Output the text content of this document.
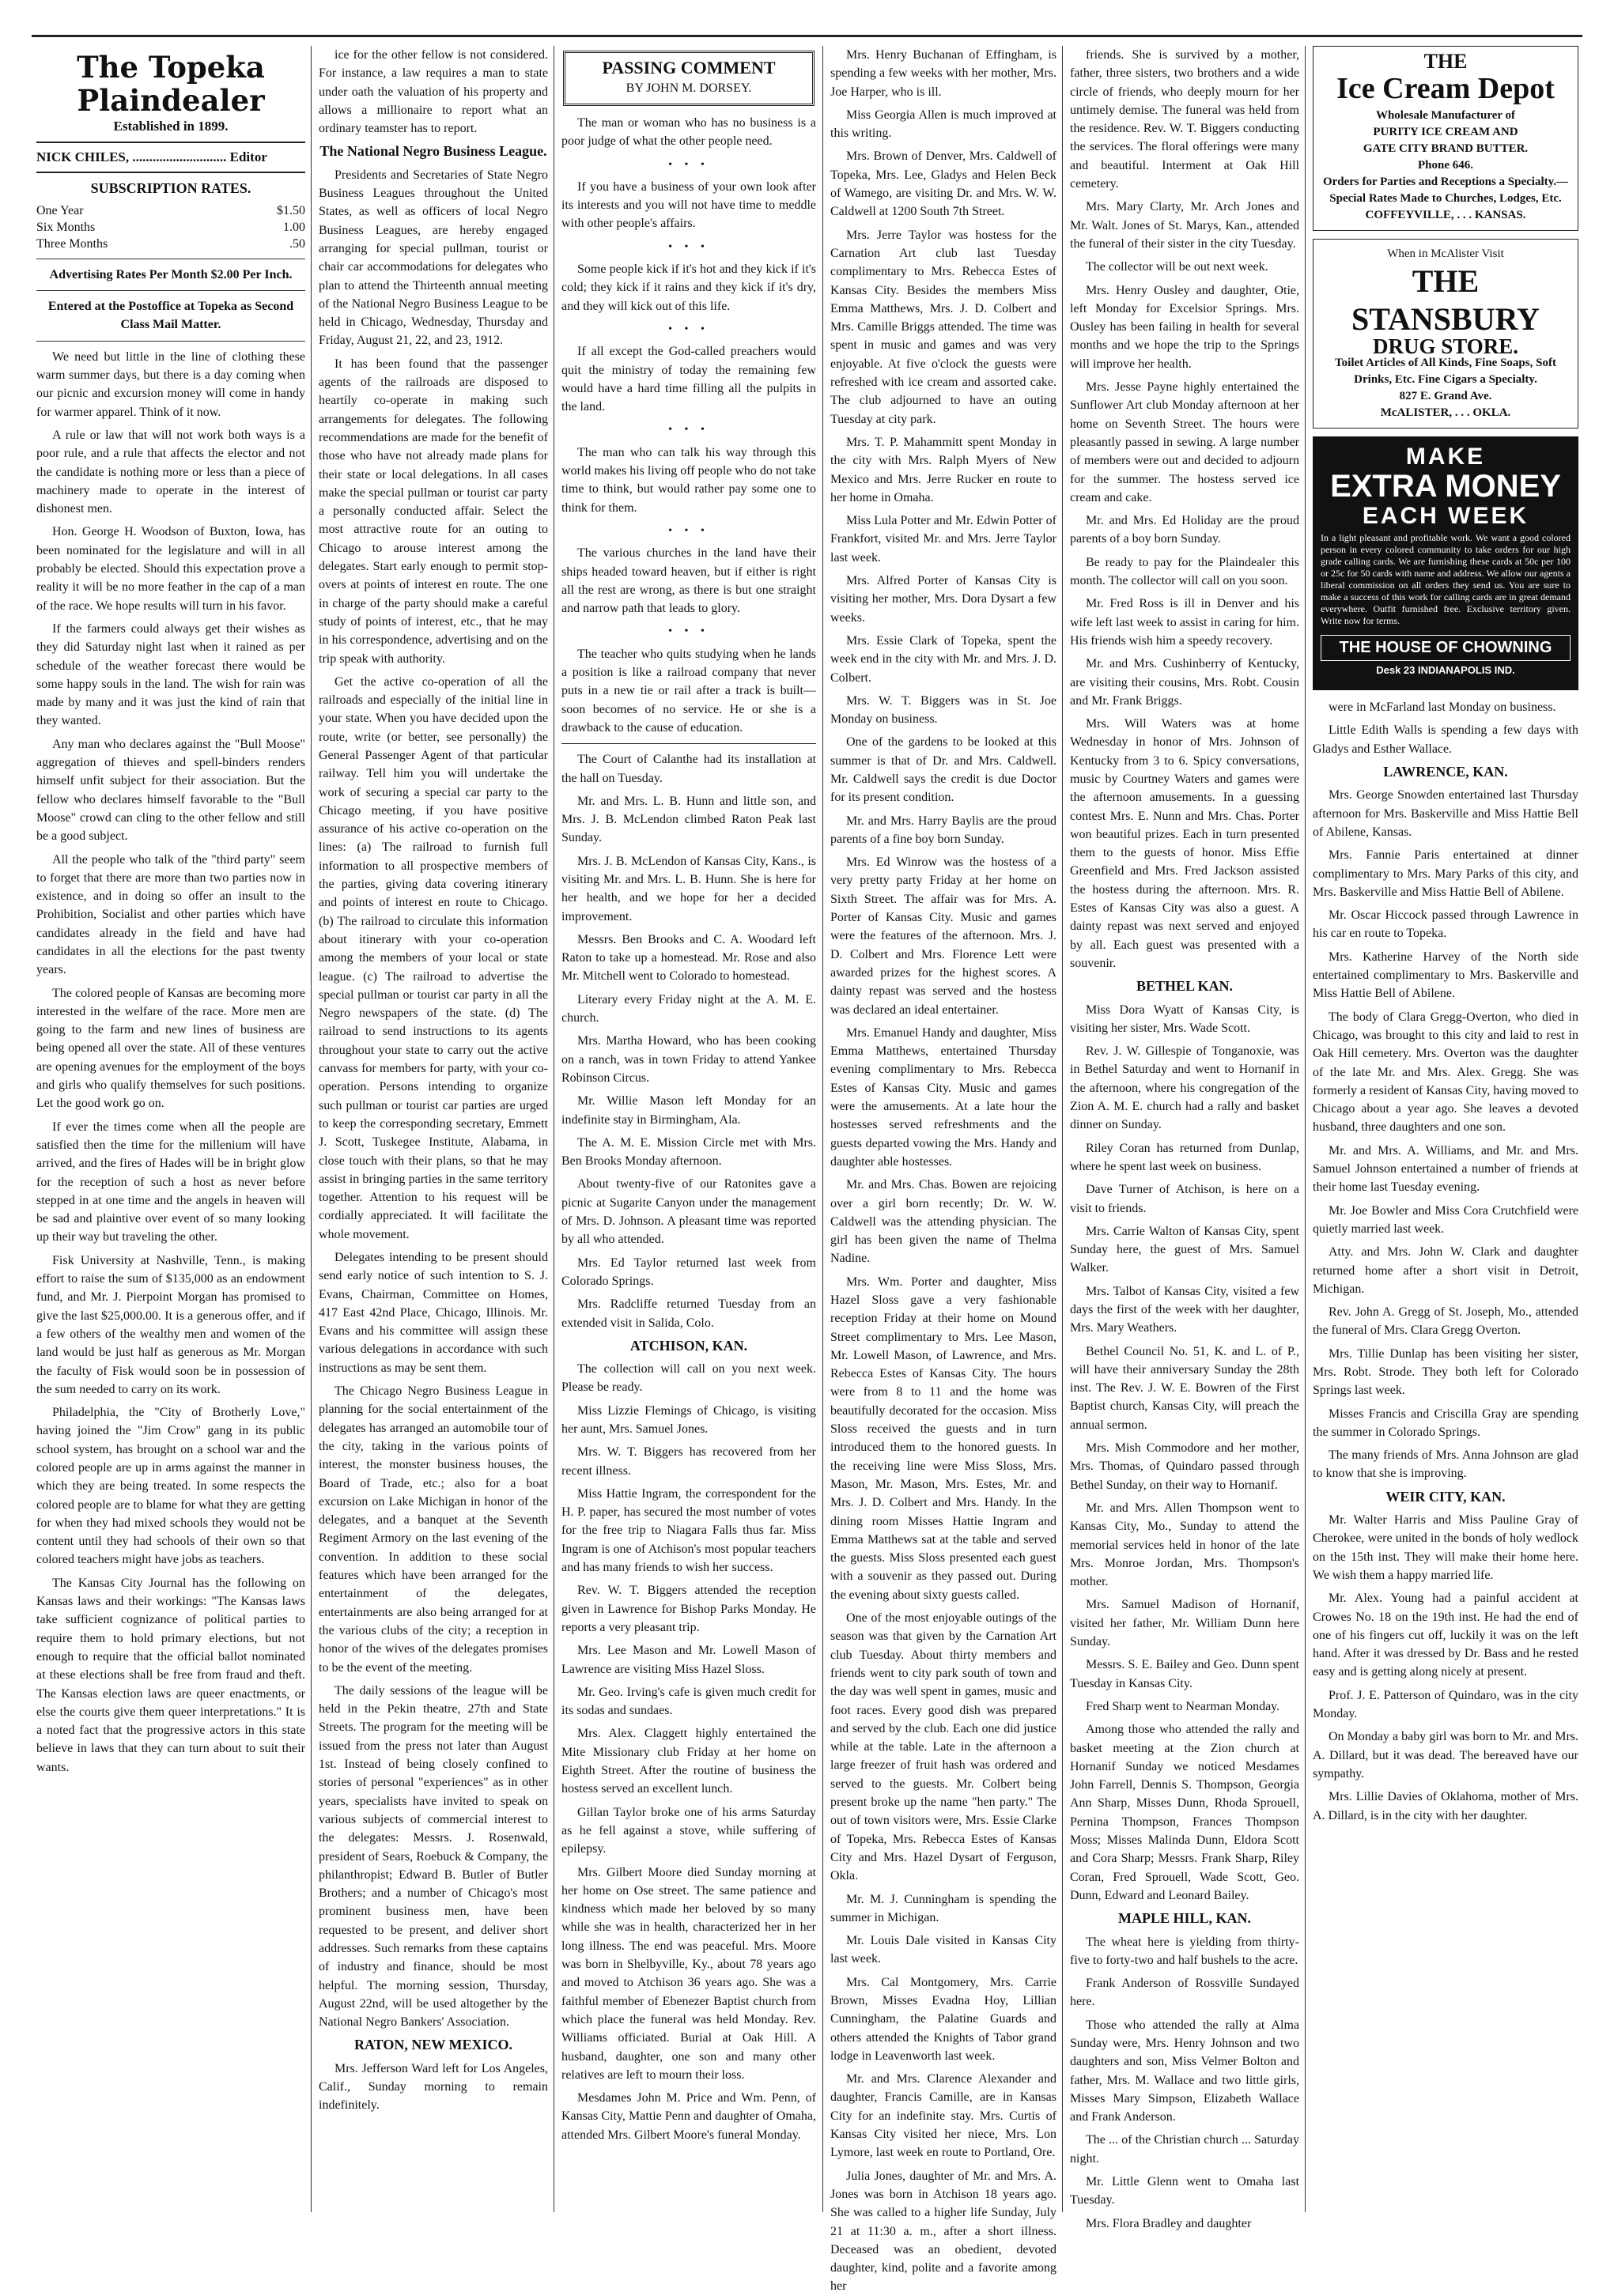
The Topeka Plaindealer
Established in 1899.
NICK CHILES, ............................ Editor
SUBSCRIPTION RATES.
One Year	$1.50
Six Months	1.00
Three Months	.50

Advertising Rates Per Month $2.00 Per Inch.

Entered at the Postoffice at Topeka as Second Class Mail Matter.

We need but little in the line of clothing these warm summer days, but there is a day coming when our picnic and excursion money will come in handy for warmer apparel. Think of it now.

A rule or law that will not work both ways is a poor rule, and a rule that affects the elector and not the candidate is nothing more or less than a piece of machinery made to operate in the interest of dishonest men.

Hon. George H. Woodson of Buxton, Iowa, has been nominated for the legislature and will in all probably be elected. Should this expectation prove a reality it will be no more feather in the cap of a man of the race. We hope results will turn in his favor.

If the farmers could always get their wishes as they did Saturday night last when it rained as per schedule of the weather forecast there would be some happy souls in the land. The wish for rain was made by many and it was just the kind of rain that they wanted.

Any man who declares against the "Bull Moose" aggregation of thieves and spell-binders renders himself unfit subject for their association. But the fellow who declares himself favorable to the "Bull Moose" crowd can cling to the other fellow and still be a good subject.

All the people who talk of the "third party" seem to forget that there are more than two parties now in existence, and in doing so offer an insult to the Prohibition, Socialist and other parties which have candidates already in the field and have had candidates in all the elections for the past twenty years.

The colored people of Kansas are becoming more interested in the welfare of the race. More men are going to the farm and new lines of business are being opened all over the state. All of these ventures are opening avenues for the employment of the boys and girls who qualify themselves for such positions. Let the good work go on.

If ever the times come when all the people are satisfied then the time for the millenium will have arrived, and the fires of Hades will be in bright glow for the reception of such a host as never before stepped in at one time and the angels in heaven will be sad and plaintive over event of so many looking up their way but traveling the other.

Fisk University at Nashville, Tenn., is making effort to raise the sum of $135,000 as an endowment fund, and Mr. J. Pierpoint Morgan has promised to give the last $25,000.00. It is a generous offer, and if a few others of the wealthy men and women of the land would be just half as generous as Mr. Morgan the faculty of Fisk would soon be in possession of the sum needed to carry on its work.

Philadelphia, the "City of Brotherly Love," having joined the "Jim Crow" gang in its public school system, has brought on a school war and the colored people are up in arms against the manner in which they are being treated. In some respects the colored people are to blame for what they are getting for when they had mixed schools they would not be content until they had schools of their own so that colored teachers might have jobs as teachers.

The Kansas City Journal has the following on Kansas laws and their workings: "The Kansas laws take sufficient cognizance of political parties to require them to hold primary elections, but not enough to require that the official ballot nominated at these elections shall be free from fraud and theft. The Kansas election laws are queer enactments, or else the courts give them queer interpretations." It is a noted fact that the progressive actors in this state believe in laws that they can turn about to suit their wants.

ice for the other fellow is not considered. For instance, a law requires a man to state under oath the valuation of his property and allows a millionaire to report what an ordinary teamster has to report.

The National Negro Business League.

Presidents and Secretaries of State Negro Business Leagues throughout the United States, as well as officers of local Negro Business Leagues, are hereby engaged arranging for special pullman, tourist or chair car accommodations for delegates who plan to attend the Thirteenth annual meeting of the National Negro Business League to be held in Chicago, Wednesday, Thursday and Friday, August 21, 22, and 23, 1912.

It has been found that the passenger agents of the railroads are disposed to heartily co-operate in making such arrangements for delegates. The following recommendations are made for the benefit of those who have not already made plans for their state or local delegations. In all cases make the special pullman or tourist car party a personally conducted affair. Select the most attractive route for an outing to Chicago to arouse interest among the delegates. Start early enough to permit stop-overs at points of interest en route. The one in charge of the party should make a careful study of points of interest, etc., that he may in his correspondence, advertising and on the trip speak with authority.

Get the active co-operation of all the railroads and especially of the initial line in your state. When you have decided upon the route, write (or better, see personally) the General Passenger Agent of that particular railway. Tell him you will undertake the work of securing a special car party to the Chicago meeting, if you have positive assurance of his active co-operation on the lines: (a) The railroad to furnish full information to all prospective members of the parties, giving data covering itinerary and points of interest en route to Chicago. (b) The railroad to circulate this information about itinerary with your co-operation among the members of your local or state league. (c) The railroad to advertise the special pullman or tourist car party in all the Negro newspapers of the state. (d) The railroad to send instructions to its agents throughout your state to carry out the active canvass for members for party, with your co-operation. Persons intending to organize such pullman or tourist car parties are urged to keep the corresponding secretary, Emmett J. Scott, Tuskegee Institute, Alabama, in close touch with their plans, so that he may assist in bringing parties in the same territory together. Attention to his request will be cordially appreciated. It will facilitate the whole movement.

Delegates intending to be present should send early notice of such intention to S. J. Evans, Chairman, Committee on Homes, 417 East 42nd Place, Chicago, Illinois. Mr. Evans and his committee will assign these various delegations in accordance with such instructions as may be sent them.

The Chicago Negro Business League in planning for the social entertainment of the delegates has arranged an automobile tour of the city, taking in the various points of interest, the monster business houses, the Board of Trade, etc.; also for a boat excursion on Lake Michigan in honor of the delegates, and a banquet at the Seventh Regiment Armory on the last evening of the convention. In addition to these social features which have been arranged for the entertainment of the delegates, entertainments are also being arranged for at the various clubs of the city; a reception in honor of the wives of the delegates promises to be the event of the meeting.

The daily sessions of the league will be held in the Pekin theatre, 27th and State Streets. The program for the meeting will be issued from the press not later than August 1st. Instead of being closely confined to stories of personal "experiences" as in other years, specialists have invited to speak on various subjects of commercial interest to the delegates: Messrs. J. Rosenwald, president of Sears, Roebuck & Company, the philanthropist; Edward B. Butler of Butler Brothers; and a number of Chicago's most prominent business men, have been requested to be present, and deliver short addresses. Such remarks from these captains of industry and finance, should be most helpful. The morning session, Thursday, August 22nd, will be used altogether by the National Negro Bankers' Association.

RATON, NEW MEXICO.

Mrs. Jefferson Ward left for Los Angeles, Calif., Sunday morning to remain indefinitely.

PASSING COMMENT
BY JOHN M. DORSEY.

The man or woman who has no business is a poor judge of what the other people need.

• • •

If you have a business of your own look after its interests and you will not have time to meddle with other people's affairs.

• • •

Some people kick if it's hot and they kick if it's cold; they kick if it rains and they kick if it's dry, and they will kick out of this life.

• • •

If all except the God-called preachers would quit the ministry of today the remaining few would have a hard time filling all the pulpits in the land.

• • •

The man who can talk his way through this world makes his living off people who do not take time to think, but would rather pay some one to think for them.

• • •

The various churches in the land have their ships headed toward heaven, but if either is right all the rest are wrong, as there is but one straight and narrow path that leads to glory.

• • •

The teacher who quits studying when he lands a position is like a railroad company that never puts in a new tie or rail after a track is built—soon becomes of no service. He or she is a drawback to the cause of education.

The Court of Calanthe had its installation at the hall on Tuesday.

Mr. and Mrs. L. B. Hunn and little son, and Mrs. J. B. McLendon climbed Raton Peak last Sunday.

Mrs. J. B. McLendon of Kansas City, Kans., is visiting Mr. and Mrs. L. B. Hunn. She is here for her health, and we hope for her a decided improvement.

Messrs. Ben Brooks and C. A. Woodard left Raton to take up a homestead. Mr. Rose and also Mr. Mitchell went to Colorado to homestead.

Literary every Friday night at the A. M. E. church.

Mrs. Martha Howard, who has been cooking on a ranch, was in town Friday to attend Yankee Robinson Circus.

Mr. Willie Mason left Monday for an indefinite stay in Birmingham, Ala.

The A. M. E. Mission Circle met with Mrs. Ben Brooks Monday afternoon.

About twenty-five of our Ratonites gave a picnic at Sugarite Canyon under the management of Mrs. D. Johnson. A pleasant time was reported by all who attended.

Mrs. Ed Taylor returned last week from Colorado Springs.

Mrs. Radcliffe returned Tuesday from an extended visit in Salida, Colo.

ATCHISON, KAN.

The collection will call on you next week. Please be ready.

Miss Lizzie Flemings of Chicago, is visiting her aunt, Mrs. Samuel Jones.

Mrs. W. T. Biggers has recovered from her recent illness.

Miss Hattie Ingram, the correspondent for the H. P. paper, has secured the most number of votes for the free trip to Niagara Falls thus far. Miss Ingram is one of Atchison's most popular teachers and has many friends to wish her success.

Rev. W. T. Biggers attended the reception given in Lawrence for Bishop Parks Monday. He reports a very pleasant trip.

Mrs. Lee Mason and Mr. Lowell Mason of Lawrence are visiting Miss Hazel Sloss.

Mr. Geo. Irving's cafe is given much credit for its sodas and sundaes.

Mrs. Alex. Claggett highly entertained the Mite Missionary club Friday at her home on Eighth Street. After the routine of business the hostess served an excellent lunch.

Gillan Taylor broke one of his arms Saturday as he fell against a stove, while suffering of epilepsy.

Mrs. Gilbert Moore died Sunday morning at her home on Ose street. The same patience and kindness which made her beloved by so many while she was in health, characterized her in her long illness. The end was peaceful. Mrs. Moore was born in Shelbyville, Ky., about 78 years ago and moved to Atchison 36 years ago. She was a faithful member of Ebenezer Baptist church from which place the funeral was held Monday. Rev. Williams officiated. Burial at Oak Hill. A husband, daughter, one son and many other relatives are left to mourn their loss.

Mesdames John M. Price and Wm. Penn, of Kansas City, Mattie Penn and daughter of Omaha, attended Mrs. Gilbert Moore's funeral Monday.

Mrs. Henry Buchanan of Effingham, is spending a few weeks with her mother, Mrs. Joe Harper, who is ill.

Miss Georgia Allen is much improved at this writing.

Mrs. Brown of Denver, Mrs. Caldwell of Topeka, Mrs. Lee, Gladys and Helen Beck of Wamego, are visiting Dr. and Mrs. W. W. Caldwell at 1200 South 7th Street.

Mrs. Jerre Taylor was hostess for the Carnation Art club last Tuesday complimentary to Mrs. Rebecca Estes of Kansas City. Besides the members Miss Emma Matthews, Mrs. J. D. Colbert and Mrs. Camille Briggs attended. The time was spent in music and games and was very enjoyable. At five o'clock the guests were refreshed with ice cream and assorted cake. The club adjourned to have an outing Tuesday at city park.

Mrs. T. P. Mahammitt spent Monday in the city with Mrs. Ralph Myers of New Mexico and Mrs. Jerre Rucker en route to her home in Omaha.

Miss Lula Potter and Mr. Edwin Potter of Frankfort, visited Mr. and Mrs. Jerre Taylor last week.

Mrs. Alfred Porter of Kansas City is visiting her mother, Mrs. Dora Dysart a few weeks.

Mrs. Essie Clark of Topeka, spent the week end in the city with Mr. and Mrs. J. D. Colbert.

Mrs. W. T. Biggers was in St. Joe Monday on business.

One of the gardens to be looked at this summer is that of Dr. and Mrs. Caldwell. Mr. Caldwell says the credit is due Doctor for its present condition.

Mr. and Mrs. Harry Baylis are the proud parents of a fine boy born Sunday.

Mrs. Ed Winrow was the hostess of a very pretty party Friday at her home on Sixth Street. The affair was for Mrs. A. Porter of Kansas City. Music and games were the features of the afternoon. Mrs. J. D. Colbert and Mrs. Florence Lett were awarded prizes for the highest scores. A dainty repast was served and the hostess was declared an ideal entertainer.

Mrs. Emanuel Handy and daughter, Miss Emma Matthews, entertained Thursday evening complimentary to Mrs. Rebecca Estes of Kansas City. Music and games were the amusements. At a late hour the hostesses served refreshments and the guests departed vowing the Mrs. Handy and daughter able hostesses.

Mr. and Mrs. Chas. Bowen are rejoicing over a girl born recently; Dr. W. W. Caldwell was the attending physician. The girl has been given the name of Thelma Nadine.

Mrs. Wm. Porter and daughter, Miss Hazel Sloss gave a very fashionable reception Friday at their home on Mound Street complimentary to Mrs. Lee Mason, Mr. Lowell Mason, of Lawrence, and Mrs. Rebecca Estes of Kansas City. The hours were from 8 to 11 and the home was beautifully decorated for the occasion. Miss Sloss received the guests and in turn introduced them to the honored guests. In the receiving line were Miss Sloss, Mrs. Mason, Mr. Mason, Mrs. Estes, Mr. and Mrs. J. D. Colbert and Mrs. Handy. In the dining room Misses Hattie Ingram and Emma Matthews sat at the table and served the guests. Miss Sloss presented each guest with a souvenir as they passed out. During the evening about sixty guests called.

One of the most enjoyable outings of the season was that given by the Carnation Art club Tuesday. About thirty members and friends went to city park south of town and the day was well spent in games, music and foot races. Every good dish was prepared and served by the club. Each one did justice while at the table. Late in the afternoon a large freezer of fruit hash was ordered and served to the guests. Mr. Colbert being present broke up the name "hen party." The out of town visitors were, Mrs. Essie Clarke of Topeka, Mrs. Rebecca Estes of Kansas City and Mrs. Hazel Dysart of Ferguson, Okla.

Mr. M. J. Cunningham is spending the summer in Michigan.

Mr. Louis Dale visited in Kansas City last week.

Mrs. Cal Montgomery, Mrs. Carrie Brown, Misses Evadna Hoy, Lillian Cunningham, the Palatine Guards and others attended the Knights of Tabor grand lodge in Leavenworth last week.

Mr. and Mrs. Clarence Alexander and daughter, Francis Camille, are in Kansas City for an indefinite stay. Mrs. Curtis of Kansas City visited her niece, Mrs. Lon Lymore, last week en route to Portland, Ore.

Julia Jones, daughter of Mr. and Mrs. A. Jones was born in Atchison 18 years ago. She was called to a higher life Sunday, July 21 at 11:30 a. m., after a short illness. Deceased was an obedient, devoted daughter, kind, polite and a favorite among her

friends. She is survived by a mother, father, three sisters, two brothers and a wide circle of friends, who deeply mourn for her untimely demise. The funeral was held from the residence. Rev. W. T. Biggers conducting the services. The floral offerings were many and beautiful. Interment at Oak Hill cemetery.

Mrs. Mary Clarty, Mr. Arch Jones and Mr. Walt. Jones of St. Marys, Kan., attended the funeral of their sister in the city Tuesday.

The collector will be out next week.

Mrs. Henry Ousley and daughter, Otie, left Monday for Excelsior Springs. Mrs. Ousley has been failing in health for several months and we hope the trip to the Springs will improve her health.

Mrs. Jesse Payne highly entertained the Sunflower Art club Monday afternoon at her home on Seventh Street. The hours were pleasantly passed in sewing. A large number of members were out and decided to adjourn for the summer. The hostess served ice cream and cake.

Mr. and Mrs. Ed Holiday are the proud parents of a boy born Sunday.

Be ready to pay for the Plaindealer this month. The collector will call on you soon.

Mr. Fred Ross is ill in Denver and his wife left last week to assist in caring for him. His friends wish him a speedy recovery.

Mr. and Mrs. Cushinberry of Kentucky, are visiting their cousins, Mrs. Robt. Cousin and Mr. Frank Briggs.

Mrs. Will Waters was at home Wednesday in honor of Mrs. Johnson of Kentucky from 3 to 6. Spicy conversations, music by Courtney Waters and games were the afternoon amusements. In a guessing contest Mrs. E. Nunn and Mrs. Chas. Porter won beautiful prizes. Each in turn presented them to the guests of honor. Miss Effie Greenfield and Mrs. Fred Jackson assisted the hostess during the afternoon. Mrs. R. Estes of Kansas City was also a guest. A dainty repast was next served and enjoyed by all. Each guest was presented with a souvenir.

BETHEL KAN.

Miss Dora Wyatt of Kansas City, is visiting her sister, Mrs. Wade Scott.

Rev. J. W. Gillespie of Tonganoxie, was in Bethel Saturday and went to Hornanif in the afternoon, where his congregation of the Zion A. M. E. church had a rally and basket dinner on Sunday.

Riley Coran has returned from Dunlap, where he spent last week on business.

Dave Turner of Atchison, is here on a visit to friends.

Mrs. Carrie Walton of Kansas City, spent Sunday here, the guest of Mrs. Samuel Walker.

Mrs. Talbot of Kansas City, visited a few days the first of the week with her daughter, Mrs. Mary Weathers.

Bethel Council No. 51, K. and L. of P., will have their anniversary Sunday the 28th inst. The Rev. J. W. E. Bowren of the First Baptist church, Kansas City, will preach the annual sermon.

Mrs. Mish Commodore and her mother, Mrs. Thomas, of Quindaro passed through Bethel Sunday, on their way to Hornanif.

Mr. and Mrs. Allen Thompson went to Kansas City, Mo., Sunday to attend the memorial services held in honor of the late Mrs. Monroe Jordan, Mrs. Thompson's mother.

Mrs. Samuel Madison of Hornanif, visited her father, Mr. William Dunn here Sunday.

Messrs. S. E. Bailey and Geo. Dunn spent Tuesday in Kansas City.

Fred Sharp went to Nearman Monday.

Among those who attended the rally and basket meeting at the Zion church at Hornanif Sunday we noticed Mesdames John Farrell, Dennis S. Thompson, Georgia Ann Sharp, Misses Dunn, Rhoda Sprouell, Pernina Thompson, Frances Thompson Moss; Misses Malinda Dunn, Eldora Scott and Cora Sharp; Messrs. Frank Sharp, Riley Coran, Fred Sprouell, Wade Scott, Geo. Dunn, Edward and Leonard Bailey.

MAPLE HILL, KAN.

The wheat here is yielding from thirty-five to forty-two and half bushels to the acre.

Frank Anderson of Rossville Sundayed here.

Those who attended the rally at Alma Sunday were, Mrs. Henry Johnson and two daughters and son, Miss Velmer Bolton and father, Mrs. M. Wallace and two little girls, Misses Mary Simpson, Elizabeth Wallace and Frank Anderson.

The ... of the Christian church ... Saturday night.

Mr. Little Glenn went to Omaha last Tuesday.

Mrs. Flora Bradley and daughter

THE
Ice Cream Depot
Wholesale Manufacturer of
PURITY ICE CREAM AND
GATE CITY BRAND BUTTER.
Phone 646.
Orders for Parties and Receptions a Specialty.—Special Rates Made to Churches, Lodges, Etc.
COFFEYVILLE, . . . KANSAS.
When in McAlister Visit
THE STANSBURY
DRUG STORE.
Toilet Articles of All Kinds, Fine Soaps, Soft Drinks, Etc. Fine Cigars a Specialty.
827 E. Grand Ave.
McALISTER, . . . OKLA.
MAKE
EXTRA MONEY
EACH WEEK
In a light pleasant and profitable work. We want a good colored person in every colored community to take orders for our high grade calling cards. We are furnishing these cards at 50c per 100 or 25c for 50 cards with name and address. We allow our agents a liberal commission on all orders they send us. You are sure to make a success of this work for calling cards are in great demand everywhere. Outfit furnished free. Exclusive territory given. Write now for terms.
THE HOUSE OF CHOWNING
Desk 23 INDIANAPOLIS IND.

were in McFarland last Monday on business.

Little Edith Walls is spending a few days with Gladys and Esther Wallace.

LAWRENCE, KAN.

Mrs. George Snowden entertained last Thursday afternoon for Mrs. Baskerville and Miss Hattie Bell of Abilene, Kansas.

Mrs. Fannie Paris entertained at dinner complimentary to Mrs. Mary Parks of this city, and Mrs. Baskerville and Miss Hattie Bell of Abilene.

Mr. Oscar Hiccock passed through Lawrence in his car en route to Topeka.

Mrs. Katherine Harvey of the North side entertained complimentary to Mrs. Baskerville and Miss Hattie Bell of Abilene.

The body of Clara Gregg-Overton, who died in Chicago, was brought to this city and laid to rest in Oak Hill cemetery. Mrs. Overton was the daughter of the late Mr. and Mrs. Alex. Gregg. She was formerly a resident of Kansas City, having moved to Chicago about a year ago. She leaves a devoted husband, three daughters and one son.

Mr. and Mrs. A. Williams, and Mr. and Mrs. Samuel Johnson entertained a number of friends at their home last Tuesday evening.

Mr. Joe Bowler and Miss Cora Crutchfield were quietly married last week.

Atty. and Mrs. John W. Clark and daughter returned home after a short visit in Detroit, Michigan.

Rev. John A. Gregg of St. Joseph, Mo., attended the funeral of Mrs. Clara Gregg Overton.

Mrs. Tillie Dunlap has been visiting her sister, Mrs. Robt. Strode. They both left for Colorado Springs last week.

Misses Francis and Criscilla Gray are spending the summer in Colorado Springs.

The many friends of Mrs. Anna Johnson are glad to know that she is improving.

WEIR CITY, KAN.

Mr. Walter Harris and Miss Pauline Gray of Cherokee, were united in the bonds of holy wedlock on the 15th inst. They will make their home here. We wish them a happy married life.

Mr. Alex. Young had a painful accident at Crowes No. 18 on the 19th inst. He had the end of one of his fingers cut off, luckily it was on the left hand. After it was dressed by Dr. Bass and he rested easy and is getting along nicely at present.

Prof. J. E. Patterson of Quindaro, was in the city Monday.

On Monday a baby girl was born to Mr. and Mrs. A. Dillard, but it was dead. The bereaved have our sympathy.

Mrs. Lillie Davies of Oklahoma, mother of Mrs. A. Dillard, is in the city with her daughter.
